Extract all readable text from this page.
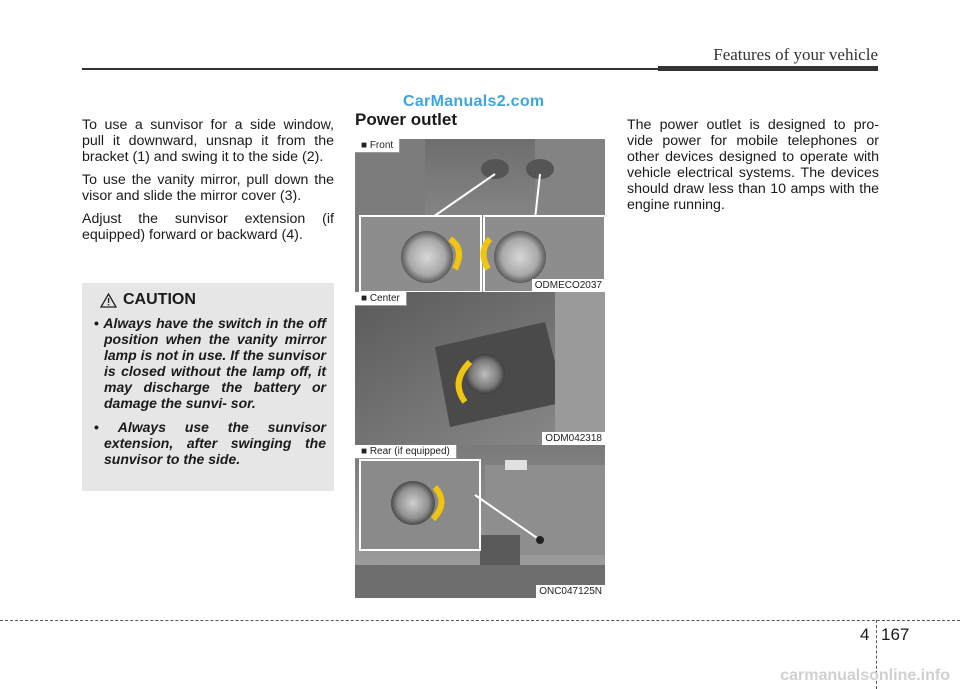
Features of your vehicle
CarManuals2.com

To use a sunvisor for a side window, pull it downward, unsnap it from the bracket (1) and swing it to the side (2).

To use the vanity mirror, pull down the visor and slide the mirror cover (3).

Adjust the sunvisor extension (if equipped) forward or backward (4).

CAUTION
• Always have the switch in the off position when the vanity mirror lamp is not in use. If the sunvisor is closed without the lamp off, it may discharge the battery or damage the sunvi- sor.
• Always use the sunvisor extension, after swinging the sunvisor to the side.
Power outlet
■ Front
ODMECO2037
■ Center
ODM042318
■ Rear (if equipped)
ONC047125N

The power outlet is designed to pro- vide power for mobile telephones or other devices designed to operate with vehicle electrical systems. The devices should draw less than 10 amps with the engine running.

4 167
carmanualsonline.info
